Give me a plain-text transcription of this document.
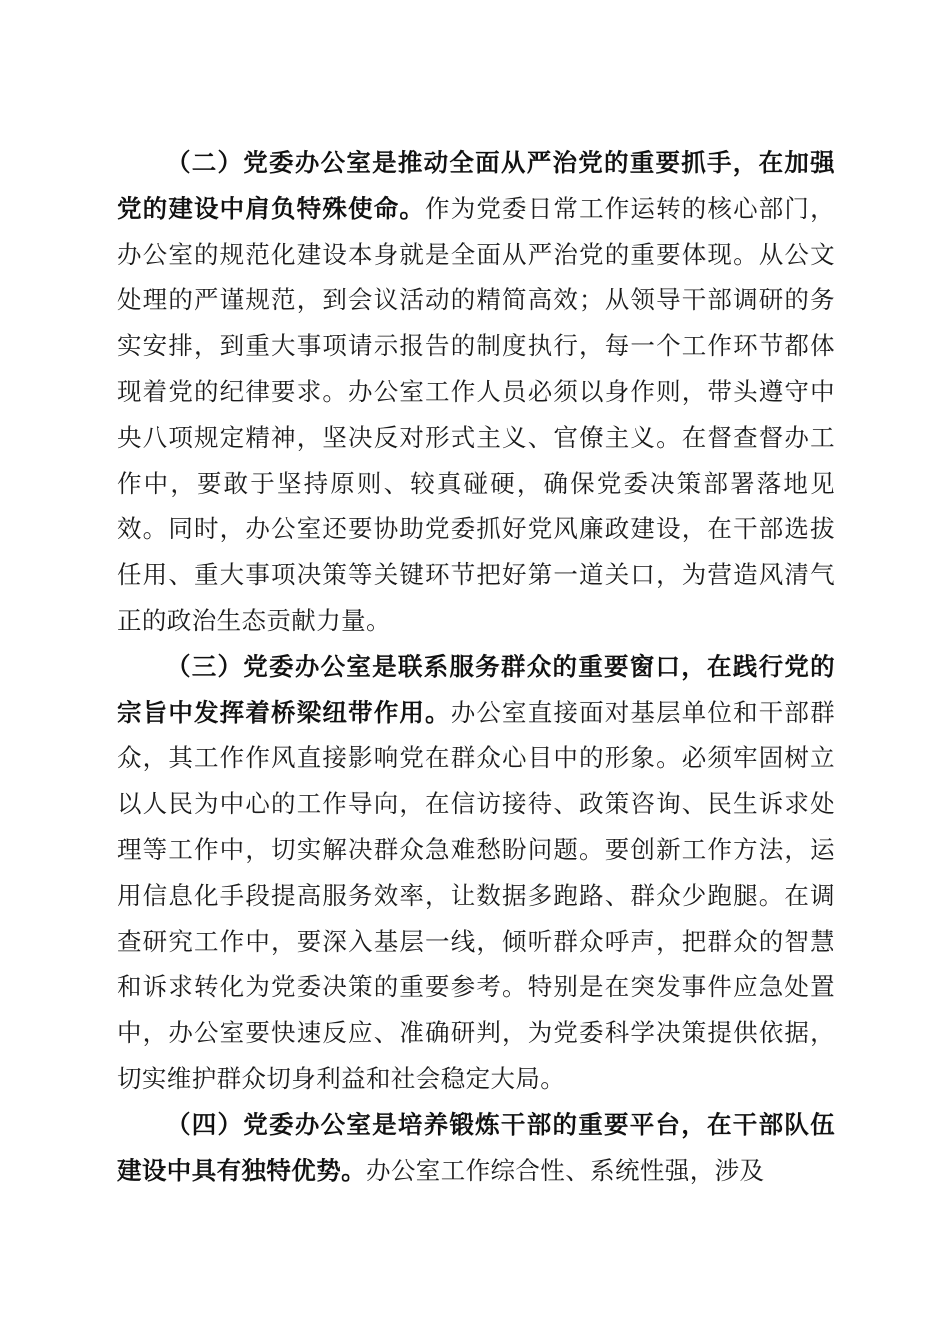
（二）党委办公室是推动全面从严治党的重要抓手，在加强党的建设中肩负特殊使命。作为党委日常工作运转的核心部门，办公室的规范化建设本身就是全面从严治党的重要体现。从公文处理的严谨规范，到会议活动的精简高效；从领导干部调研的务实安排，到重大事项请示报告的制度执行，每一个工作环节都体现着党的纪律要求。办公室工作人员必须以身作则，带头遵守中央八项规定精神，坚决反对形式主义、官僚主义。在督查督办工作中，要敢于坚持原则、较真碰硬，确保党委决策部署落地见效。同时，办公室还要协助党委抓好党风廉政建设，在干部选拔任用、重大事项决策等关键环节把好第一道关口，为营造风清气正的政治生态贡献力量。

（三）党委办公室是联系服务群众的重要窗口，在践行党的宗旨中发挥着桥梁纽带作用。办公室直接面对基层单位和干部群众，其工作作风直接影响党在群众心目中的形象。必须牢固树立以人民为中心的工作导向，在信访接待、政策咨询、民生诉求处理等工作中，切实解决群众急难愁盼问题。要创新工作方法，运用信息化手段提高服务效率，让数据多跑路、群众少跑腿。在调查研究工作中，要深入基层一线，倾听群众呼声，把群众的智慧和诉求转化为党委决策的重要参考。特别是在突发事件应急处置中，办公室要快速反应、准确研判，为党委科学决策提供依据，切实维护群众切身利益和社会稳定大局。

（四）党委办公室是培养锻炼干部的重要平台，在干部队伍建设中具有独特优势。办公室工作综合性、系统性强，涉及
